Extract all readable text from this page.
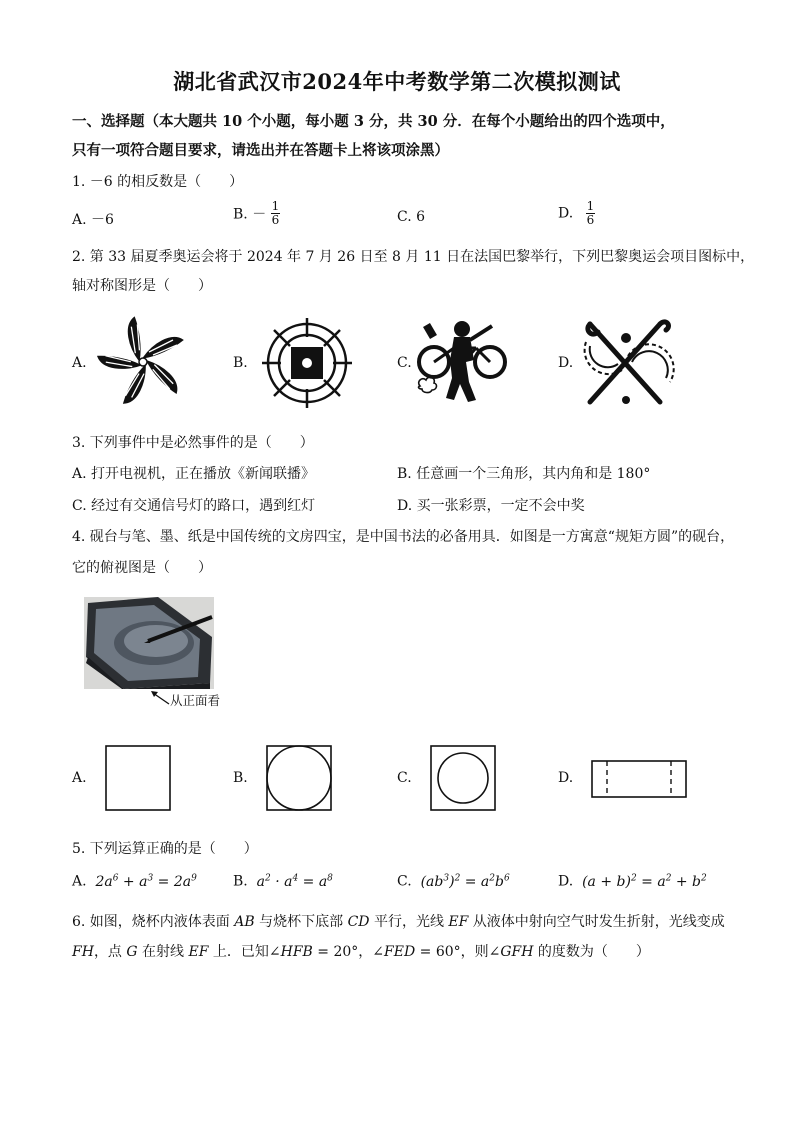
湖北省武汉市2024年中考数学第二次模拟测试
一、选择题（本大题共 10 个小题，每小题 3 分，共 30 分．在每个小题给出的四个选项中，
只有一项符合题目要求，请选出并在答题卡上将该项涂黑）
1. －6 的相反数是（　　）
A. －6	B. － $\frac{1}{6}$	C. 6	D. $\frac{1}{6}$
2. 第 33 届夏季奥运会将于 2024 年 7 月 26 日至 8 月 11 日在法国巴黎举行，下列巴黎奥运会项目图标中，
轴对称图形是（　　）
A.	B.	C.	D.
3. 下列事件中是必然事件的是（　　）
A. 打开电视机，正在播放《新闻联播》	B. 任意画一个三角形，其内角和是 180°
C. 经过有交通信号灯的路口，遇到红灯	D. 买一张彩票，一定不会中奖
4. 砚台与笔、墨、纸是中国传统的文房四宝，是中国书法的必备用具．如图是一方寓意“规矩方圆”的砚台，
它的俯视图是（　　）
从正面看
A.	B.	C.	D.
5. 下列运算正确的是（　　）
A. $2a^6 + a^3 = 2a^9$	B. $a^2 \cdot a^4 = a^8$	C. $(ab^3)^2 = a^2b^6$	D. $(a + b)^2 = a^2 + b^2$
6. 如图，烧杯内液体表面 AB 与烧杯下底部 CD 平行，光线 EF 从液体中射向空气时发生折射，光线变成
FH，点 G 在射线 EF 上．已知∠HFB = 20°，∠FED = 60°，则∠GFH 的度数为（　　）
